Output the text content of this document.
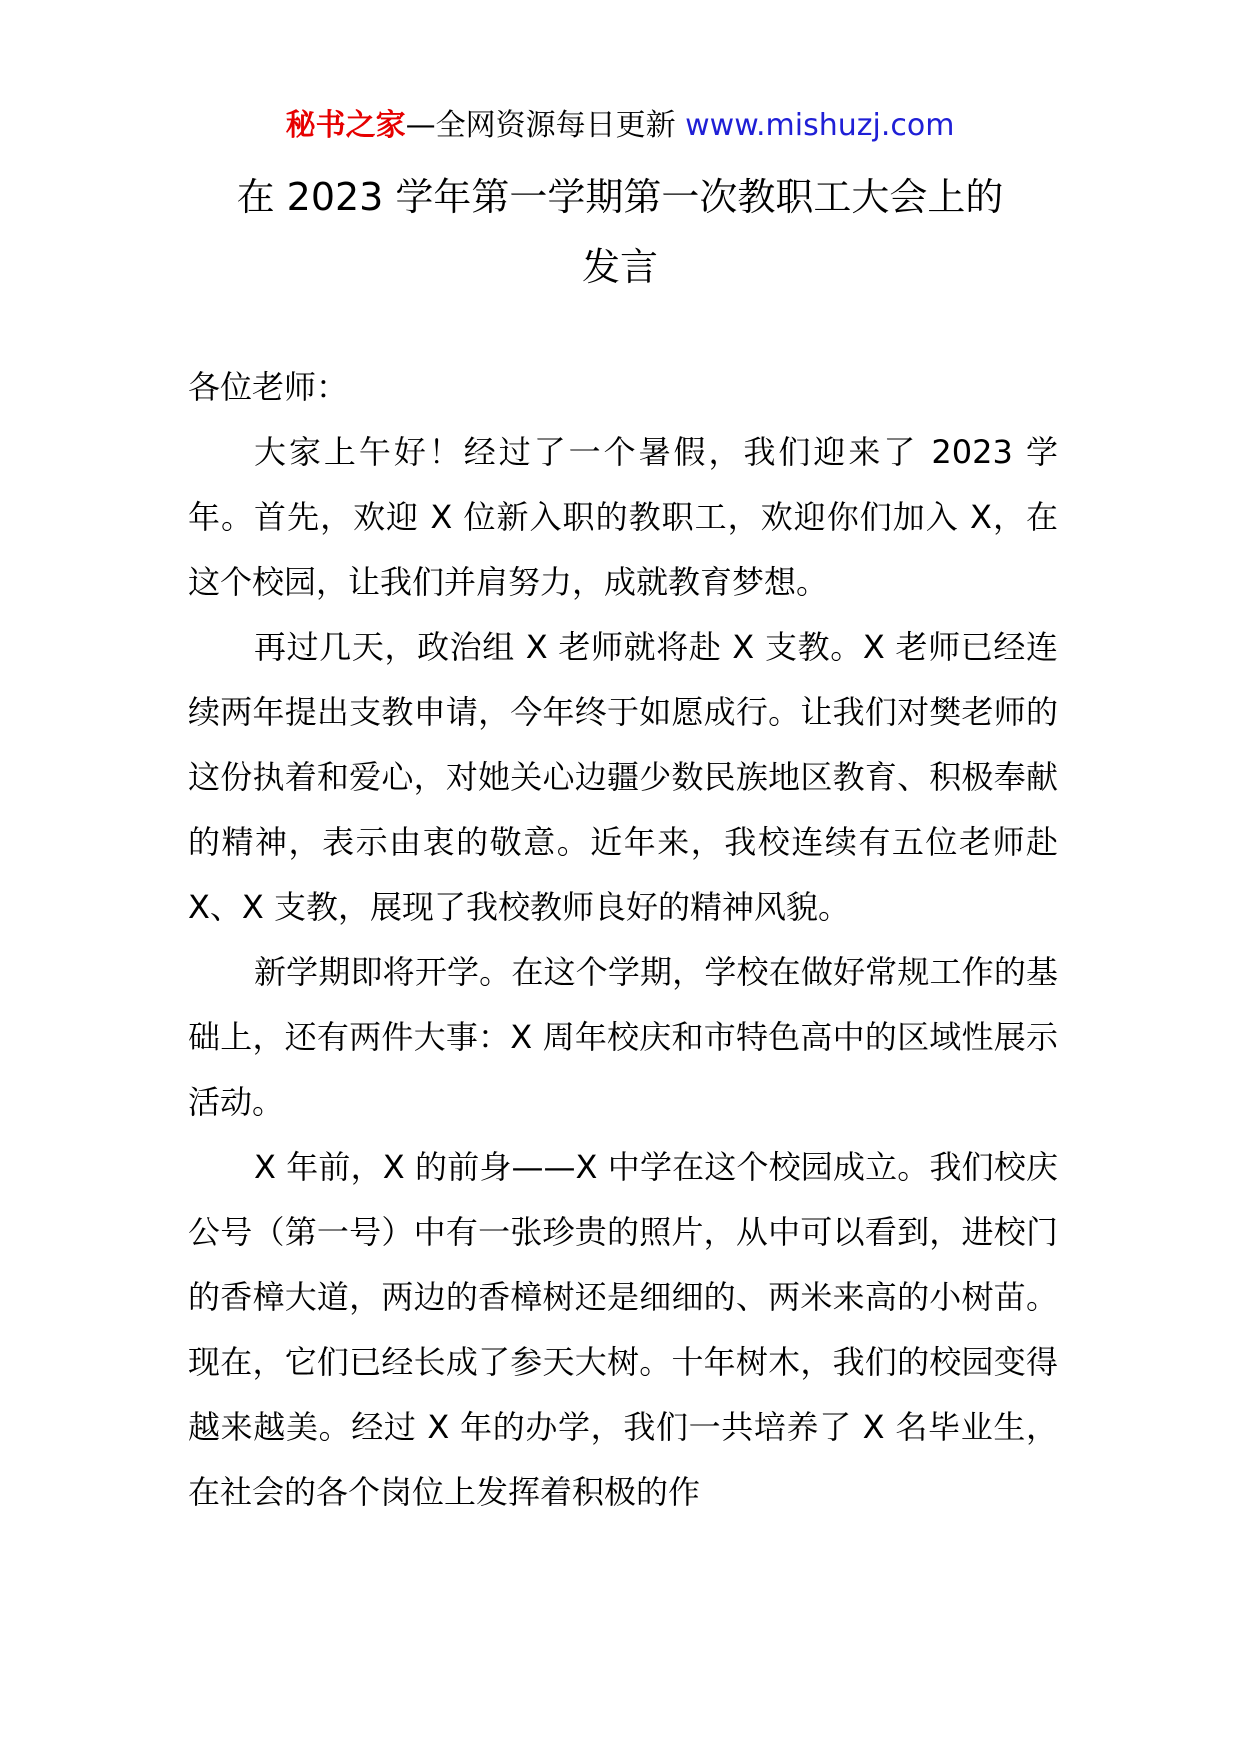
秘书之家—全网资源每日更新 www.mishuzj.com
在 2023 学年第一学期第一次教职工大会上的
发言

各位老师：

大家上午好！经过了一个暑假，我们迎来了 2023 学年。首先，欢迎 X 位新入职的教职工，欢迎你们加入 X，在这个校园，让我们并肩努力，成就教育梦想。

再过几天，政治组 X 老师就将赴 X 支教。X 老师已经连续两年提出支教申请，今年终于如愿成行。让我们对樊老师的这份执着和爱心，对她关心边疆少数民族地区教育、积极奉献的精神，表示由衷的敬意。近年来，我校连续有五位老师赴 X、X 支教，展现了我校教师良好的精神风貌。

新学期即将开学。在这个学期，学校在做好常规工作的基础上，还有两件大事：X 周年校庆和市特色高中的区域性展示活动。

X 年前，X 的前身——X 中学在这个校园成立。我们校庆公号（第一号）中有一张珍贵的照片，从中可以看到，进校门的香樟大道，两边的香樟树还是细细的、两米来高的小树苗。现在，它们已经长成了参天大树。十年树木，我们的校园变得越来越美。经过 X 年的办学，我们一共培养了 X 名毕业生，在社会的各个岗位上发挥着积极的作
